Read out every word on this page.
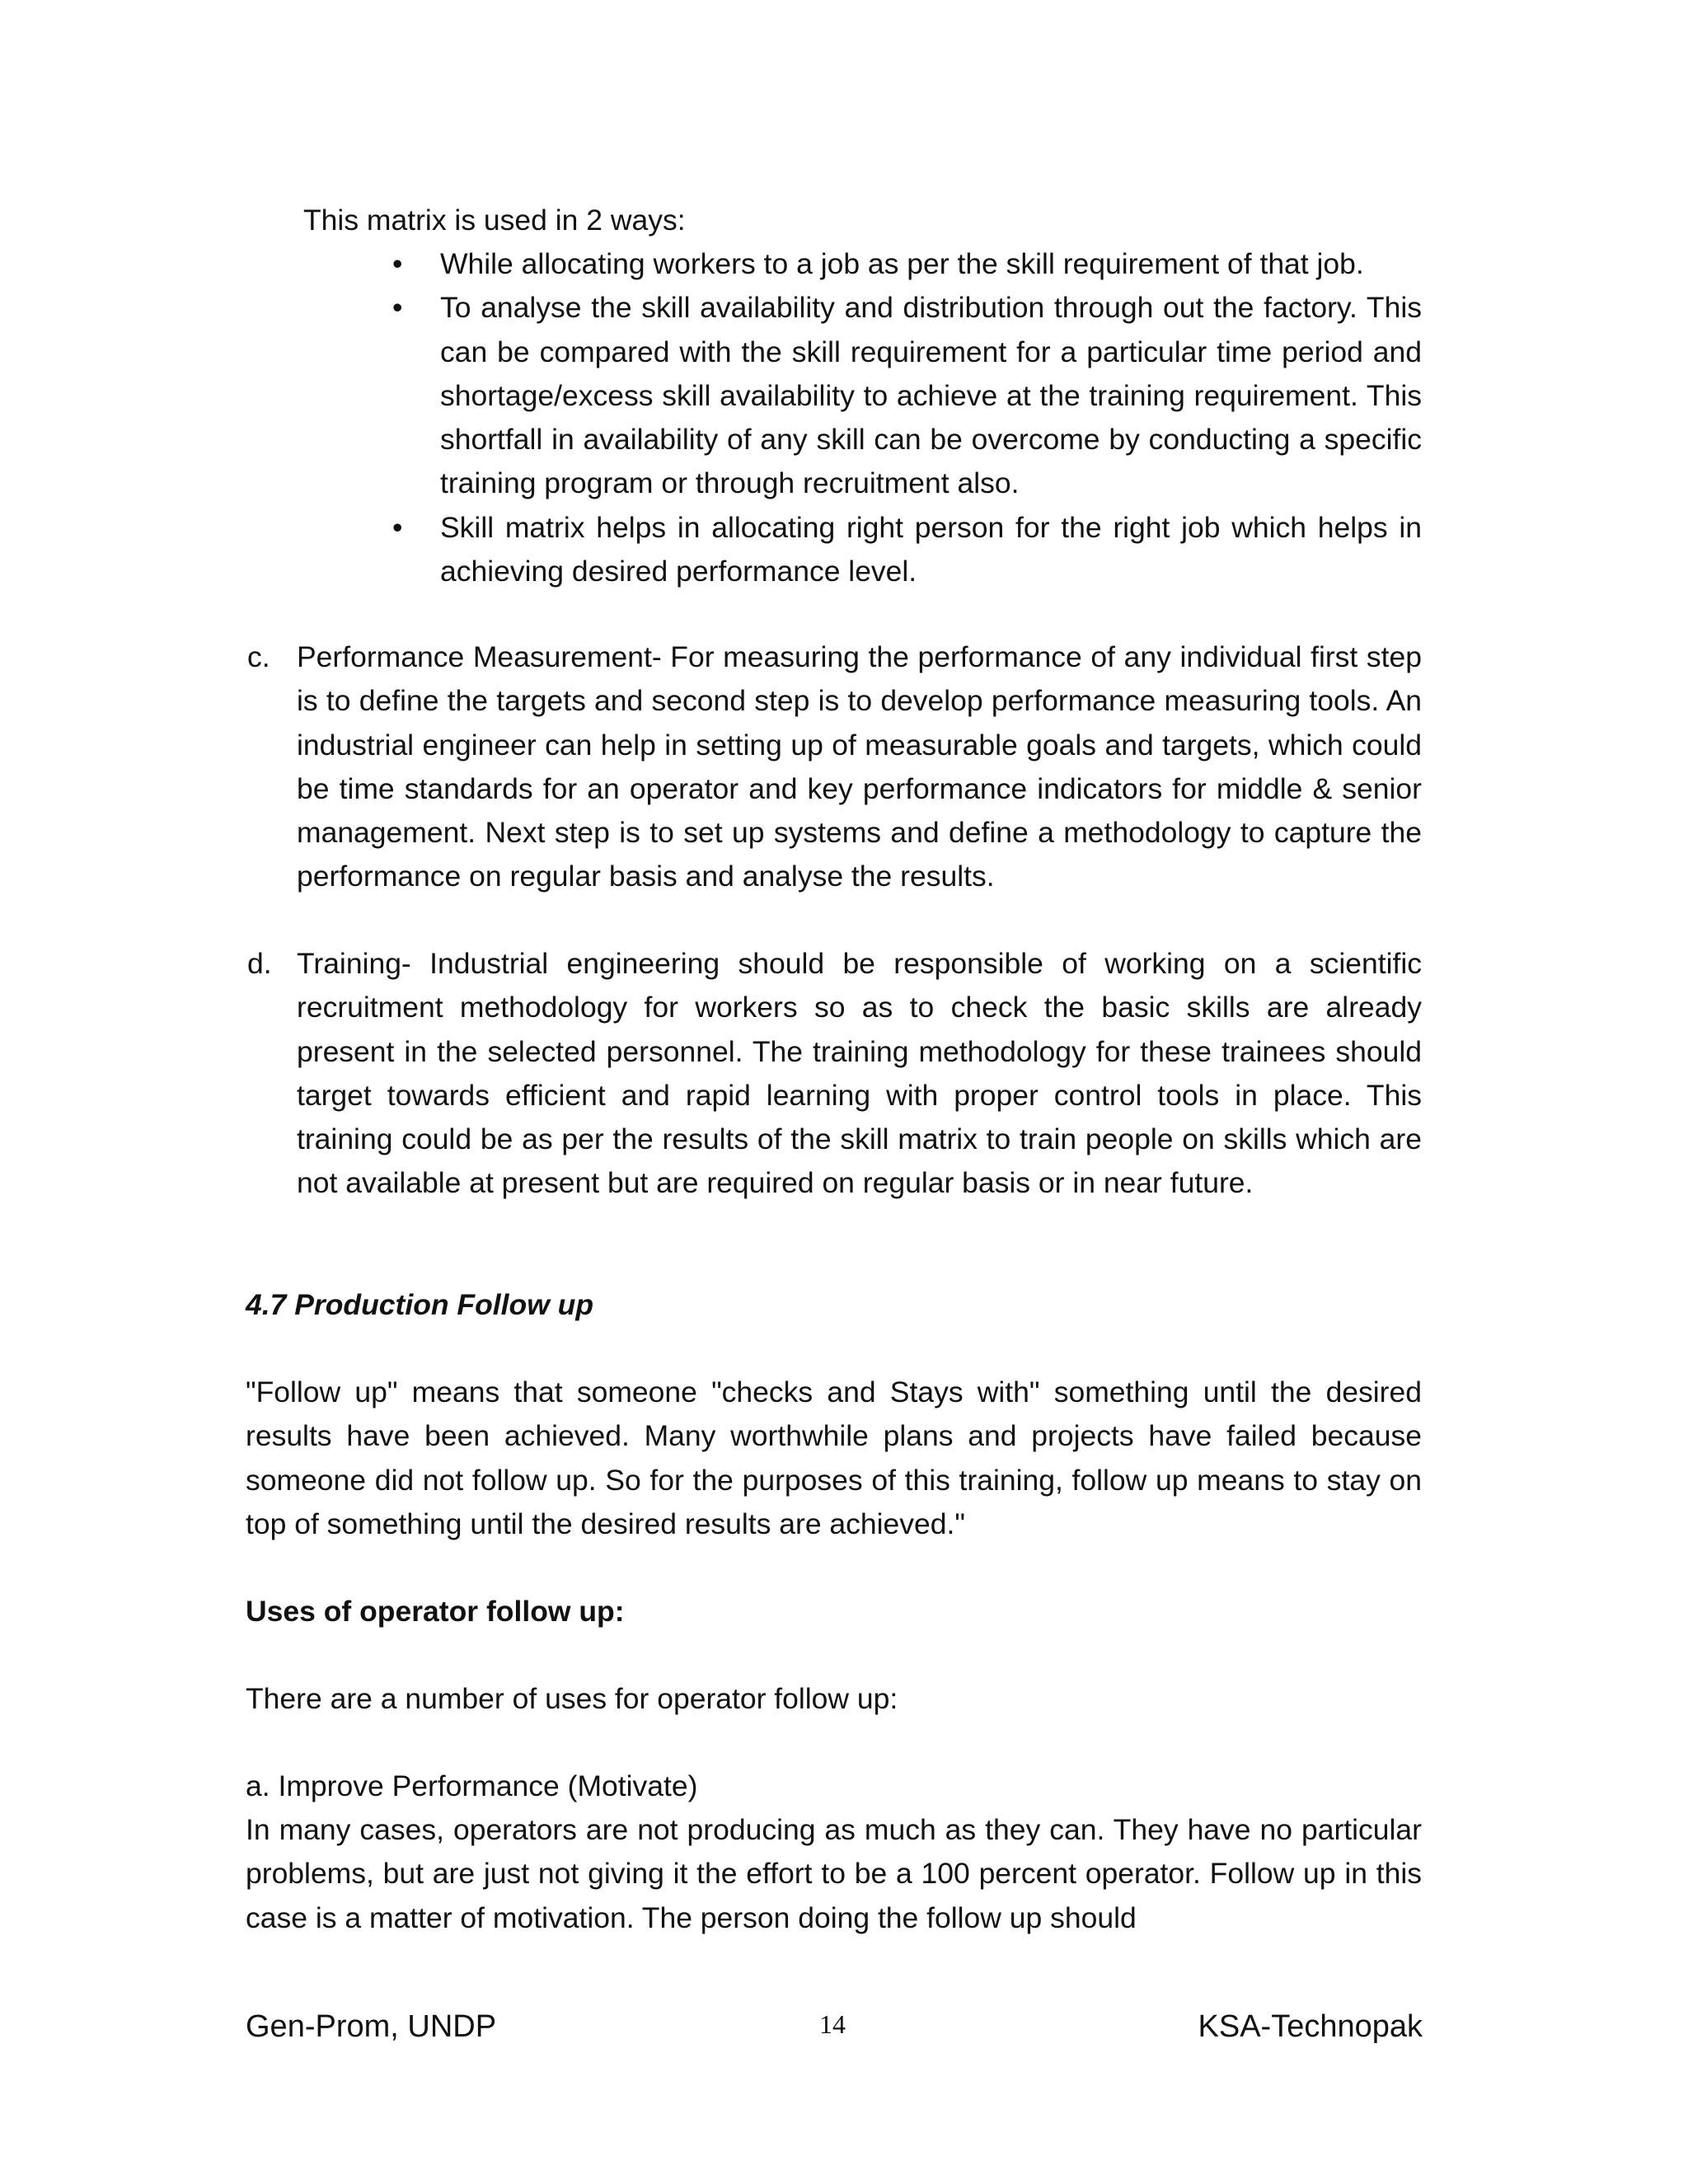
This matrix is used in 2 ways:

• While allocating workers to a job as per the skill requirement of that job.
• To analyse the skill availability and distribution through out the factory. This can be compared with the skill requirement for a particular time period and shortage/excess skill availability to achieve at the training requirement. This shortfall in availability of any skill can be overcome by conducting a specific training program or through recruitment also.
• Skill matrix helps in allocating right person for the right job which helps in achieving desired performance level.
c. Performance Measurement- For measuring the performance of any individual first step is to define the targets and second step is to develop performance measuring tools. An industrial engineer can help in setting up of measurable goals and targets, which could be time standards for an operator and key performance indicators for middle & senior management. Next step is to set up systems and define a methodology to capture the performance on regular basis and analyse the results.

d. Training- Industrial engineering should be responsible of working on a scientific recruitment methodology for workers so as to check the basic skills are already present in the selected personnel. The training methodology for these trainees should target towards efficient and rapid learning with proper control tools in place. This training could be as per the results of the skill matrix to train people on skills which are not available at present but are required on regular basis or in near future.

4.7 Production Follow up

"Follow up" means that someone "checks and Stays with" something until the desired results have been achieved. Many worthwhile plans and projects have failed because someone did not follow up. So for the purposes of this training, follow up means to stay on top of something until the desired results are achieved."

Uses of operator follow up:

There are a number of uses for operator follow up:

a. Improve Performance (Motivate)

In many cases, operators are not producing as much as they can. They have no particular problems, but are just not giving it the effort to be a 100 percent operator. Follow up in this case is a matter of motivation. The person doing the follow up should

Gen-Prom, UNDP	14	KSA-Technopak
